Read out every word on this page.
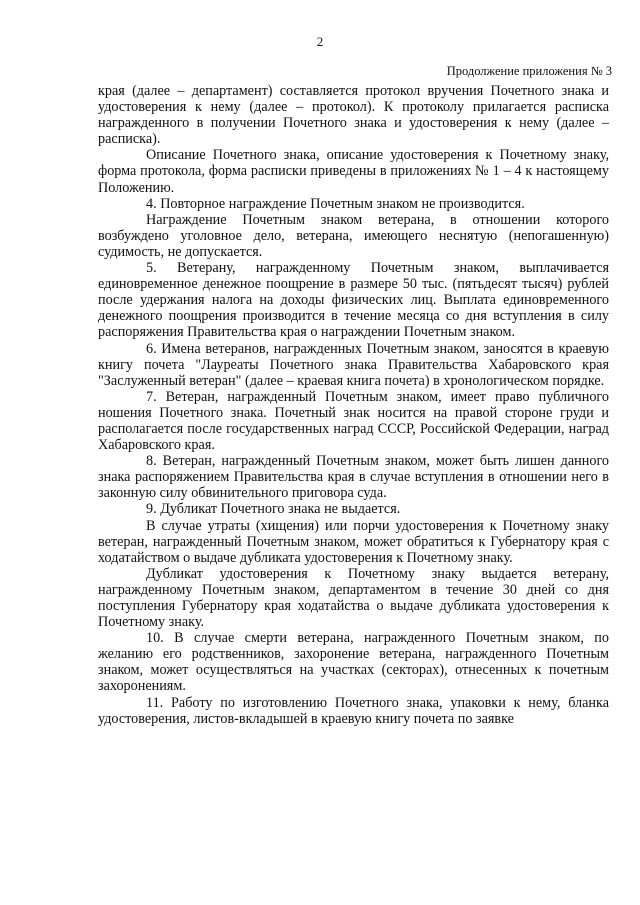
2
Продолжение приложения № 3

края (далее – департамент) составляется протокол вручения Почетного знака и удостоверения к нему (далее – протокол). К протоколу прилагается расписка награжденного в получении Почетного знака и удостоверения к нему (далее – расписка).

Описание Почетного знака, описание удостоверения к Почетному знаку, форма протокола, форма расписки приведены в приложениях № 1 – 4 к настоящему Положению.

4. Повторное награждение Почетным знаком не производится.

Награждение Почетным знаком ветерана, в отношении которого возбуждено уголовное дело, ветерана, имеющего неснятую (непогашенную) судимость, не допускается.

5. Ветерану, награжденному Почетным знаком, выплачивается единовременное денежное поощрение в размере 50 тыс. (пятьдесят тысяч) рублей после удержания налога на доходы физических лиц. Выплата единовременного денежного поощрения производится в течение месяца со дня вступления в силу распоряжения Правительства края о награждении Почетным знаком.

6. Имена ветеранов, награжденных Почетным знаком, заносятся в краевую книгу почета "Лауреаты Почетного знака Правительства Хабаровского края "Заслуженный ветеран" (далее – краевая книга почета) в хронологическом порядке.

7. Ветеран, награжденный Почетным знаком, имеет право публичного ношения Почетного знака. Почетный знак носится на правой стороне груди и располагается после государственных наград СССР, Российской Федерации, наград Хабаровского края.

8. Ветеран, награжденный Почетным знаком, может быть лишен данного знака распоряжением Правительства края в случае вступления в отношении него в законную силу обвинительного приговора суда.

9. Дубликат Почетного знака не выдается.

В случае утраты (хищения) или порчи удостоверения к Почетному знаку ветеран, награжденный Почетным знаком, может обратиться к Губернатору края с ходатайством о выдаче дубликата удостоверения к Почетному знаку.

Дубликат удостоверения к Почетному знаку выдается ветерану, награжденному Почетным знаком, департаментом в течение 30 дней со дня поступления Губернатору края ходатайства о выдаче дубликата удостоверения к Почетному знаку.

10. В случае смерти ветерана, награжденного Почетным знаком, по желанию его родственников, захоронение ветерана, награжденного Почетным знаком, может осуществляться на участках (секторах), отнесенных к почетным захоронениям.

11. Работу по изготовлению Почетного знака, упаковки к нему, бланка удостоверения, листов-вкладышей в краевую книгу почета по заявке
